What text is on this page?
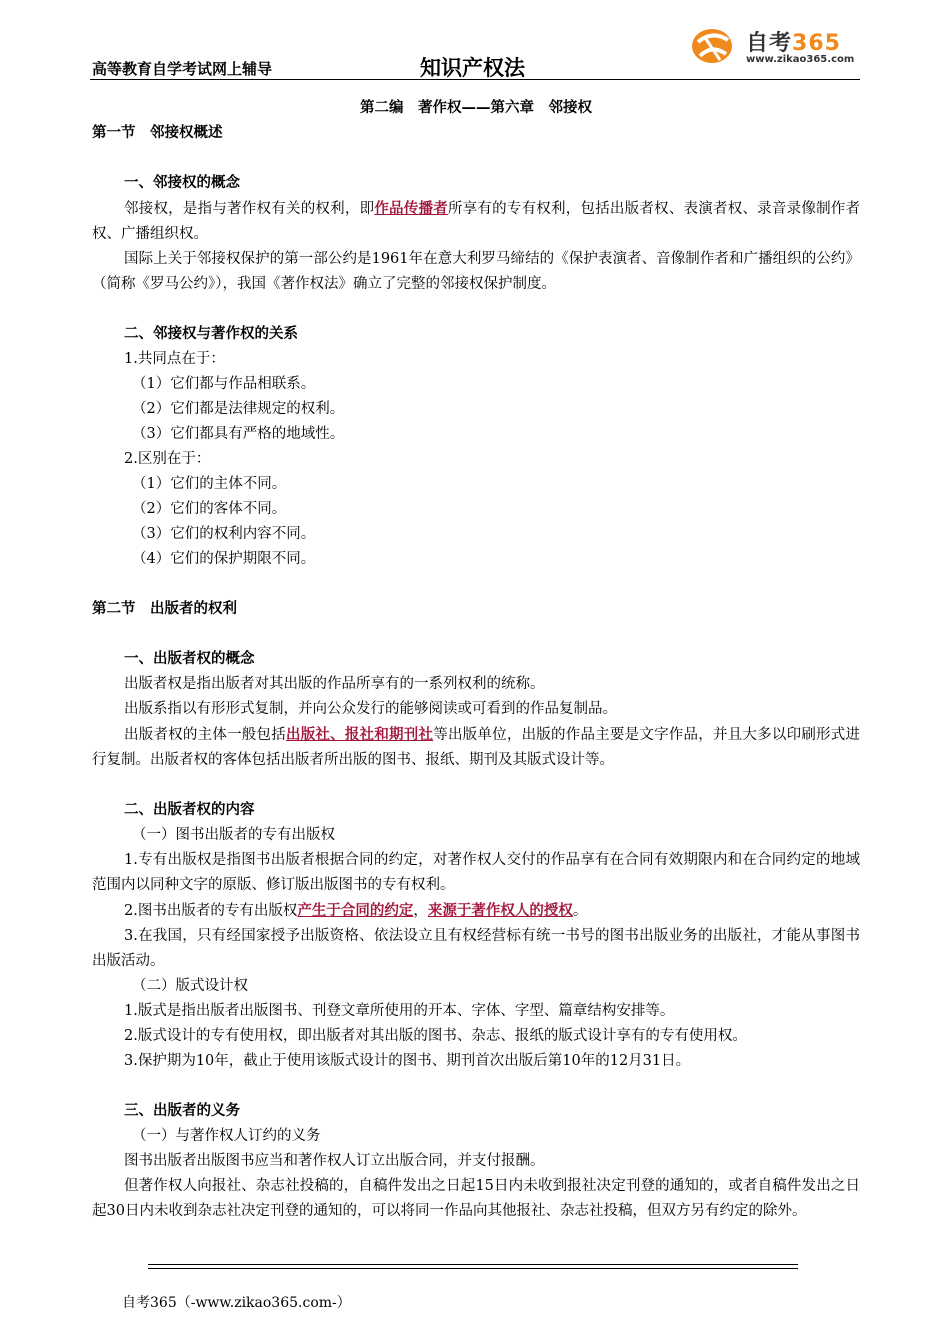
高等教育自学考试网上辅导	知识产权法
自考365
www.zikao365.com

第二编　著作权——第六章　邻接权

第一节　邻接权概述

一、邻接权的概念

邻接权，是指与著作权有关的权利，即作品传播者所享有的专有权利，包括出版者权、表演者权、录音录像制作者权、广播组织权。

国际上关于邻接权保护的第一部公约是1961年在意大利罗马缔结的《保护表演者、音像制作者和广播组织的公约》（简称《罗马公约》），我国《著作权法》确立了完整的邻接权保护制度。

二、邻接权与著作权的关系

1.共同点在于：

（1）它们都与作品相联系。

（2）它们都是法律规定的权利。

（3）它们都具有严格的地域性。

2.区别在于：

（1）它们的主体不同。

（2）它们的客体不同。

（3）它们的权利内容不同。

（4）它们的保护期限不同。

第二节　出版者的权利

一、出版者权的概念

出版者权是指出版者对其出版的作品所享有的一系列权利的统称。

出版系指以有形形式复制，并向公众发行的能够阅读或可看到的作品复制品。

出版者权的主体一般包括出版社、报社和期刊社等出版单位，出版的作品主要是文字作品，并且大多以印刷形式进行复制。出版者权的客体包括出版者所出版的图书、报纸、期刊及其版式设计等。

二、出版者权的内容

（一）图书出版者的专有出版权

1.专有出版权是指图书出版者根据合同的约定，对著作权人交付的作品享有在合同有效期限内和在合同约定的地域范围内以同种文字的原版、修订版出版图书的专有权利。

2.图书出版者的专有出版权产生于合同的约定，来源于著作权人的授权。

3.在我国，只有经国家授予出版资格、依法设立且有权经营标有统一书号的图书出版业务的出版社，才能从事图书出版活动。

（二）版式设计权

1.版式是指出版者出版图书、刊登文章所使用的开本、字体、字型、篇章结构安排等。

2.版式设计的专有使用权，即出版者对其出版的图书、杂志、报纸的版式设计享有的专有使用权。

3.保护期为10年，截止于使用该版式设计的图书、期刊首次出版后第10年的12月31日。

三、出版者的义务

（一）与著作权人订约的义务

图书出版者出版图书应当和著作权人订立出版合同，并支付报酬。

但著作权人向报社、杂志社投稿的，自稿件发出之日起15日内未收到报社决定刊登的通知的，或者自稿件发出之日起30日内未收到杂志社决定刊登的通知的，可以将同一作品向其他报社、杂志社投稿，但双方另有约定的除外。

自考365（-www.zikao365.com-）
